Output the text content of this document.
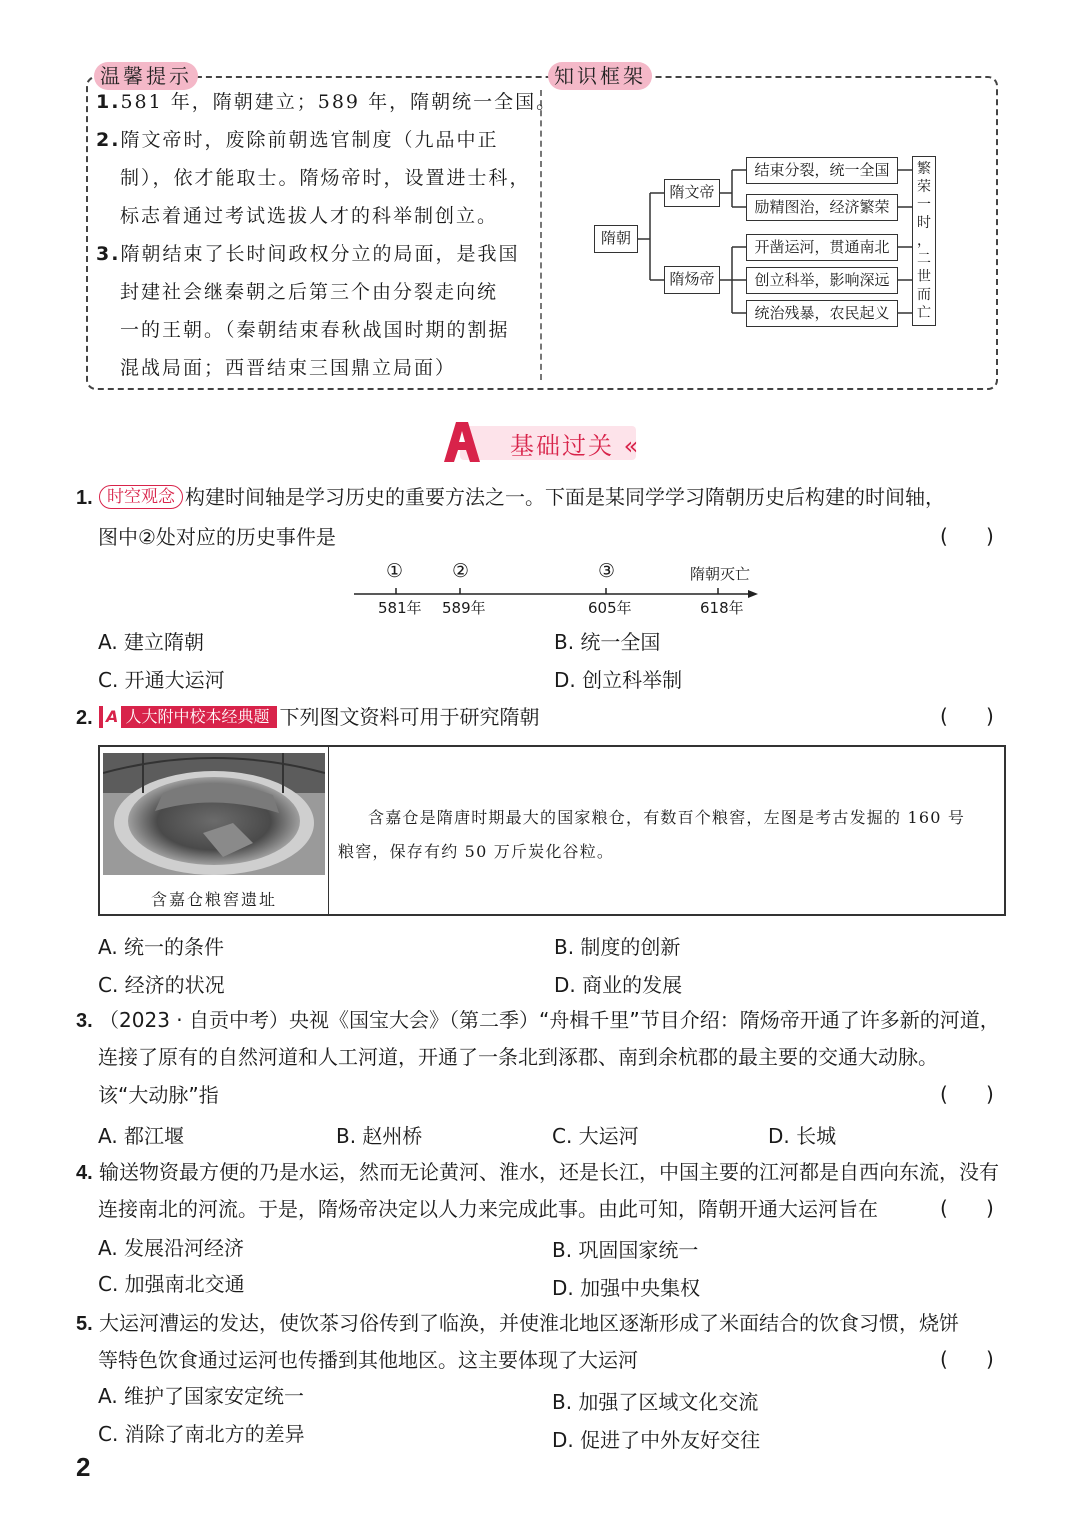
温馨提示	知识框架
1.581 年，隋朝建立；589 年，隋朝统一全国。
2.隋文帝时，废除前朝选官制度（九品中正
制），依才能取士。隋炀帝时，设置进士科，
标志着通过考试选拔人才的科举制创立。
3.隋朝结束了长时间政权分立的局面，是我国
封建社会继秦朝之后第三个由分裂走向统
一的王朝。（秦朝结束春秋战国时期的割据
混战局面；西晋结束三国鼎立局面）
隋朝
隋文帝
隋炀帝
结束分裂，统一全国
励精图治，经济繁荣
开凿运河，贯通南北
创立科举，影响深远
统治残暴，农民起义
繁
荣
一
时
，
二
世
而
亡
基础过关 «
1. 时空观念 构建时间轴是学习历史的重要方法之一。下面是某同学学习隋朝历史后构建的时间轴，
图中②处对应的历史事件是	(      )
①	②	③	隋朝灭亡
581年 589年	605年	618年
A. 建立隋朝	B. 统一全国
C. 开通大运河	D. 创立科举制
2. A 人大附中校本经典题 下列图文资料可用于研究隋朝	(      )
含嘉仓粮窖遗址
含嘉仓是隋唐时期最大的国家粮仓，有数百个粮窖，左图是考古发掘的 160 号
粮窖，保存有约 50 万斤炭化谷粒。
A. 统一的条件	B. 制度的创新
C. 经济的状况	D. 商业的发展
3. （2023 · 自贡中考）央视《国宝大会》（第二季）“舟楫千里”节目介绍：隋炀帝开通了许多新的河道，
连接了原有的自然河道和人工河道，开通了一条北到涿郡、南到余杭郡的最主要的交通大动脉。
该“大动脉”指	(      )
A. 都江堰	B. 赵州桥	C. 大运河	D. 长城
4. 输送物资最方便的乃是水运，然而无论黄河、淮水，还是长江，中国主要的江河都是自西向东流，没有
连接南北的河流。于是，隋炀帝决定以人力来完成此事。由此可知，隋朝开通大运河旨在	(      )
A. 发展沿河经济	B. 巩固国家统一
C. 加强南北交通	D. 加强中央集权
5. 大运河漕运的发达，使饮茶习俗传到了临涣，并使淮北地区逐渐形成了米面结合的饮食习惯，烧饼
等特色饮食通过运河也传播到其他地区。这主要体现了大运河	(      )
A. 维护了国家安定统一	B. 加强了区域文化交流
C. 消除了南北方的差异	D. 促进了中外友好交往
2
